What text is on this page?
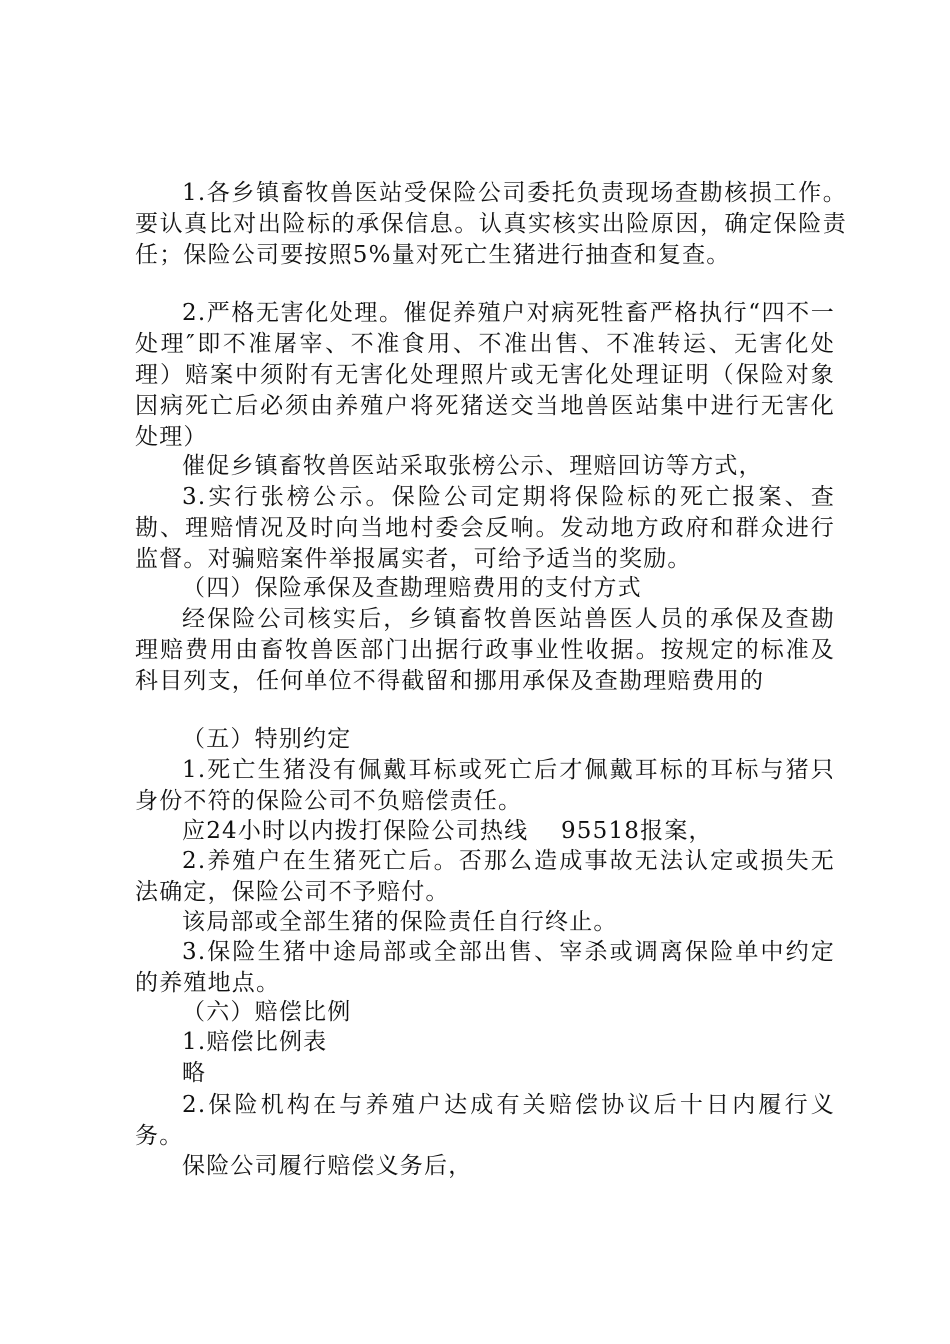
1.各乡镇畜牧兽医站受保险公司委托负责现场查勘核损工作。要认真比对出险标的承保信息。认真实核实出险原因，确定保险责任；保险公司要按照5%量对死亡生猪进行抽查和复查。

2.严格无害化处理。催促养殖户对病死牲畜严格执行“四不一处理″即不准屠宰、不准食用、不准出售、不准转运、无害化处理）赔案中须附有无害化处理照片或无害化处理证明（保险对象因病死亡后必须由养殖户将死猪送交当地兽医站集中进行无害化处理）

催促乡镇畜牧兽医站采取张榜公示、理赔回访等方式，

3.实行张榜公示。保险公司定期将保险标的死亡报案、查勘、理赔情况及时向当地村委会反响。发动地方政府和群众进行监督。对骗赔案件举报属实者，可给予适当的奖励。

（四）保险承保及查勘理赔费用的支付方式

经保险公司核实后，乡镇畜牧兽医站兽医人员的承保及查勘理赔费用由畜牧兽医部门出据行政事业性收据。按规定的标准及科目列支，任何单位不得截留和挪用承保及查勘理赔费用的

（五）特别约定

1.死亡生猪没有佩戴耳标或死亡后才佩戴耳标的耳标与猪只身份不符的保险公司不负赔偿责任。

应24小时以内拨打保险公司热线　 95518报案，

2.养殖户在生猪死亡后。否那么造成事故无法认定或损失无法确定，保险公司不予赔付。

该局部或全部生猪的保险责任自行终止。

3.保险生猪中途局部或全部出售、宰杀或调离保险单中约定的养殖地点。

（六）赔偿比例

1.赔偿比例表

略

2.保险机构在与养殖户达成有关赔偿协议后十日内履行义务。

保险公司履行赔偿义务后，
